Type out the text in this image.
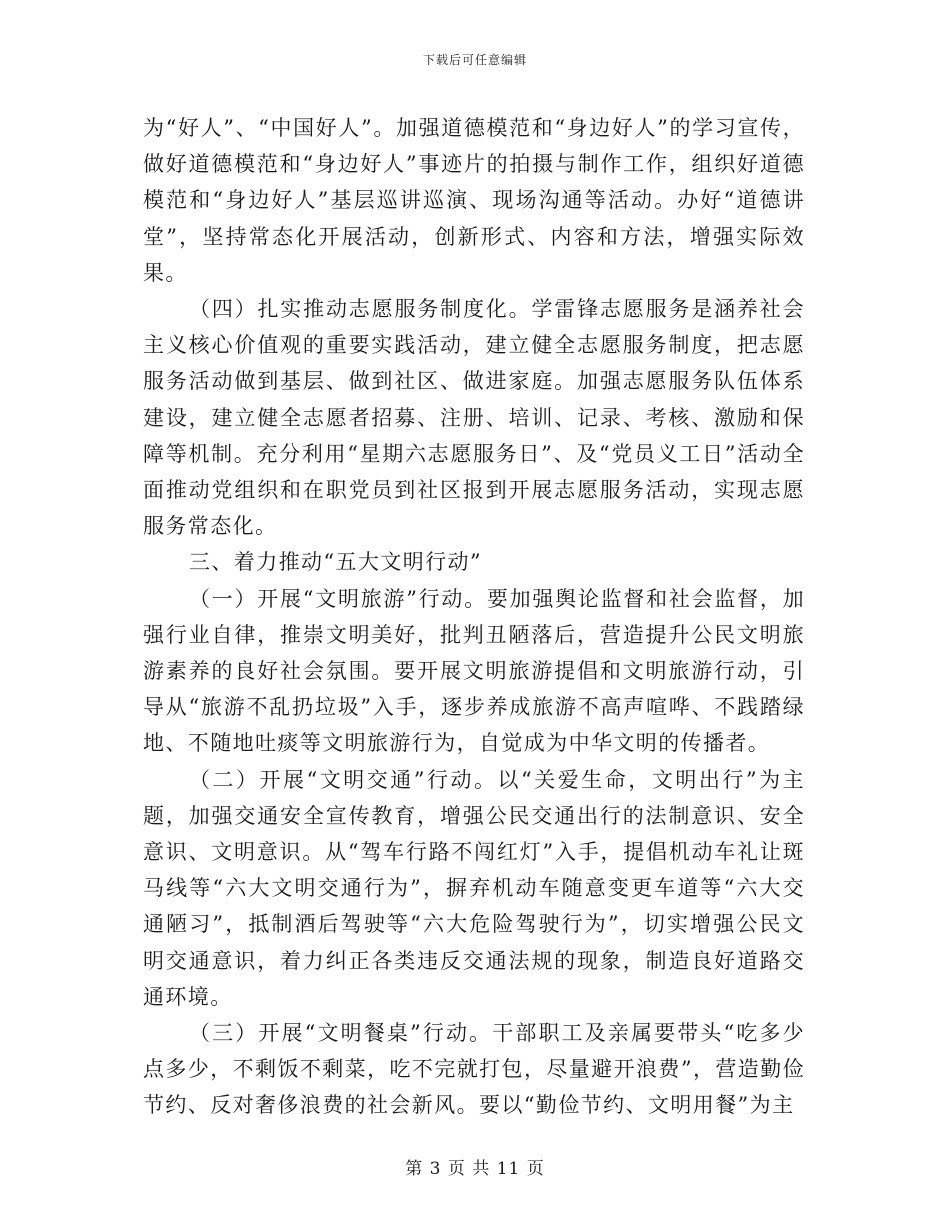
下载后可任意编辑

为“好人”、“中国好人”。加强道德模范和“身边好人”的学习宣传，做好道德模范和“身边好人”事迹片的拍摄与制作工作，组织好道德模范和“身边好人”基层巡讲巡演、现场沟通等活动。办好“道德讲堂”，坚持常态化开展活动，创新形式、内容和方法，增强实际效果。

（四）扎实推动志愿服务制度化。学雷锋志愿服务是涵养社会主义核心价值观的重要实践活动，建立健全志愿服务制度，把志愿服务活动做到基层、做到社区、做进家庭。加强志愿服务队伍体系建设，建立健全志愿者招募、注册、培训、记录、考核、激励和保障等机制。充分利用“星期六志愿服务日”、及“党员义工日”活动全面推动党组织和在职党员到社区报到开展志愿服务活动，实现志愿服务常态化。

三、着力推动“五大文明行动”

（一）开展“文明旅游”行动。要加强舆论监督和社会监督，加强行业自律，推崇文明美好，批判丑陋落后，营造提升公民文明旅游素养的良好社会氛围。要开展文明旅游提倡和文明旅游行动，引导从“旅游不乱扔垃圾”入手，逐步养成旅游不高声喧哗、不践踏绿地、不随地吐痰等文明旅游行为，自觉成为中华文明的传播者。

（二）开展“文明交通”行动。以“关爱生命，文明出行”为主题，加强交通安全宣传教育，增强公民交通出行的法制意识、安全意识、文明意识。从“驾车行路不闯红灯”入手，提倡机动车礼让斑马线等“六大文明交通行为”，摒弃机动车随意变更车道等“六大交通陋习”，抵制酒后驾驶等“六大危险驾驶行为”，切实增强公民文明交通意识，着力纠正各类违反交通法规的现象，制造良好道路交通环境。

（三）开展“文明餐桌”行动。干部职工及亲属要带头“吃多少点多少，不剩饭不剩菜，吃不完就打包，尽量避开浪费”，营造勤俭节约、反对奢侈浪费的社会新风。要以“勤俭节约、文明用餐”为主

第 3 页 共 11 页
